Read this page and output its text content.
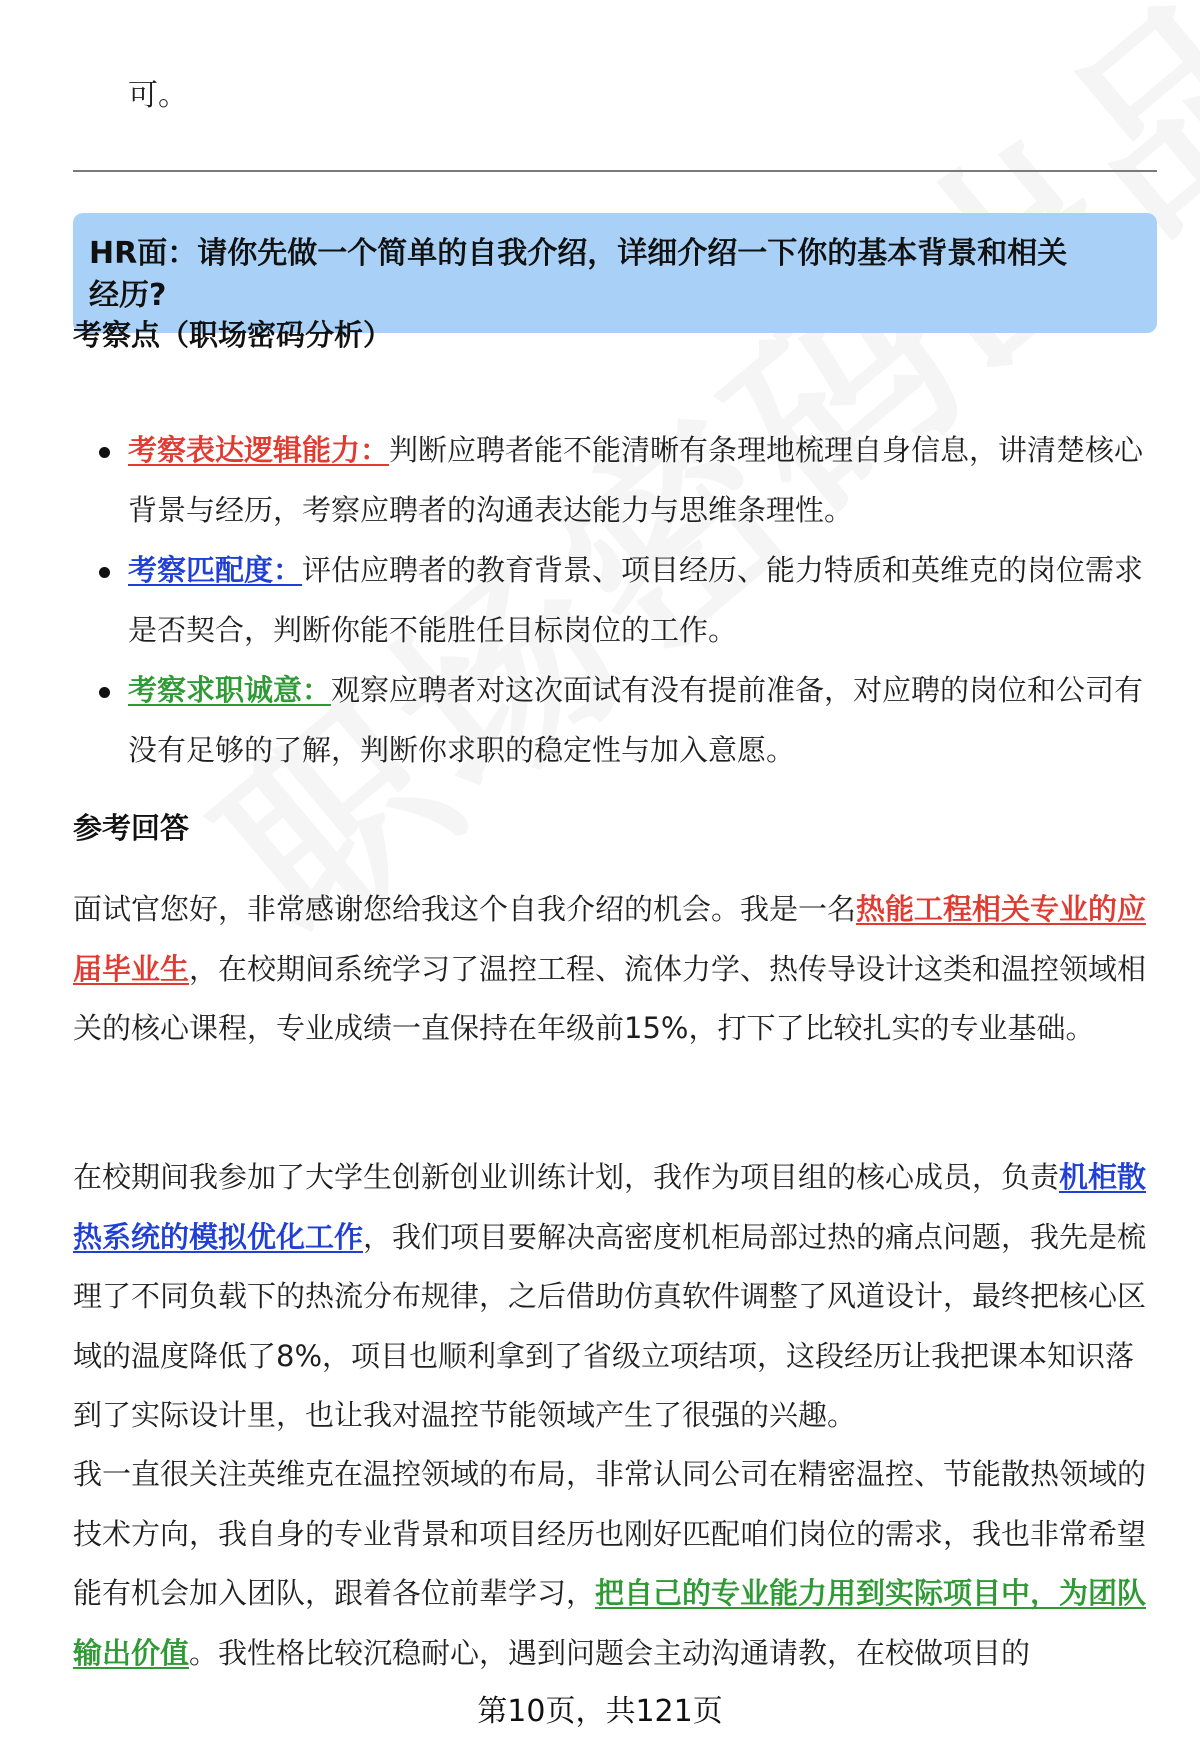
可。
HR面：请你先做一个简单的自我介绍，详细介绍一下你的基本背景和相关经历?
考察点（职场密码分析）
考察表达逻辑能力：判断应聘者能不能清晰有条理地梳理自身信息，讲清楚核心背景与经历，考察应聘者的沟通表达能力与思维条理性。
考察匹配度：评估应聘者的教育背景、项目经历、能力特质和英维克的岗位需求是否契合，判断你能不能胜任目标岗位的工作。
考察求职诚意：观察应聘者对这次面试有没有提前准备，对应聘的岗位和公司有没有足够的了解，判断你求职的稳定性与加入意愿。
参考回答

面试官您好，非常感谢您给我这个自我介绍的机会。我是一名热能工程相关专业的应届毕业生，在校期间系统学习了温控工程、流体力学、热传导设计这类和温控领域相关的核心课程，专业成绩一直保持在年级前15%，打下了比较扎实的专业基础。

在校期间我参加了大学生创新创业训练计划，我作为项目组的核心成员，负责机柜散热系统的模拟优化工作，我们项目要解决高密度机柜局部过热的痛点问题，我先是梳理了不同负载下的热流分布规律，之后借助仿真软件调整了风道设计，最终把核心区域的温度降低了8%，项目也顺利拿到了省级立项结项，这段经历让我把课本知识落到了实际设计里，也让我对温控节能领域产生了很强的兴趣。

我一直很关注英维克在温控领域的布局，非常认同公司在精密温控、节能散热领域的技术方向，我自身的专业背景和项目经历也刚好匹配咱们岗位的需求，我也非常希望能有机会加入团队，跟着各位前辈学习，把自己的专业能力用到实际项目中，为团队输出价值。我性格比较沉稳耐心，遇到问题会主动沟通请教，在校做项目的

第10页，共121页
